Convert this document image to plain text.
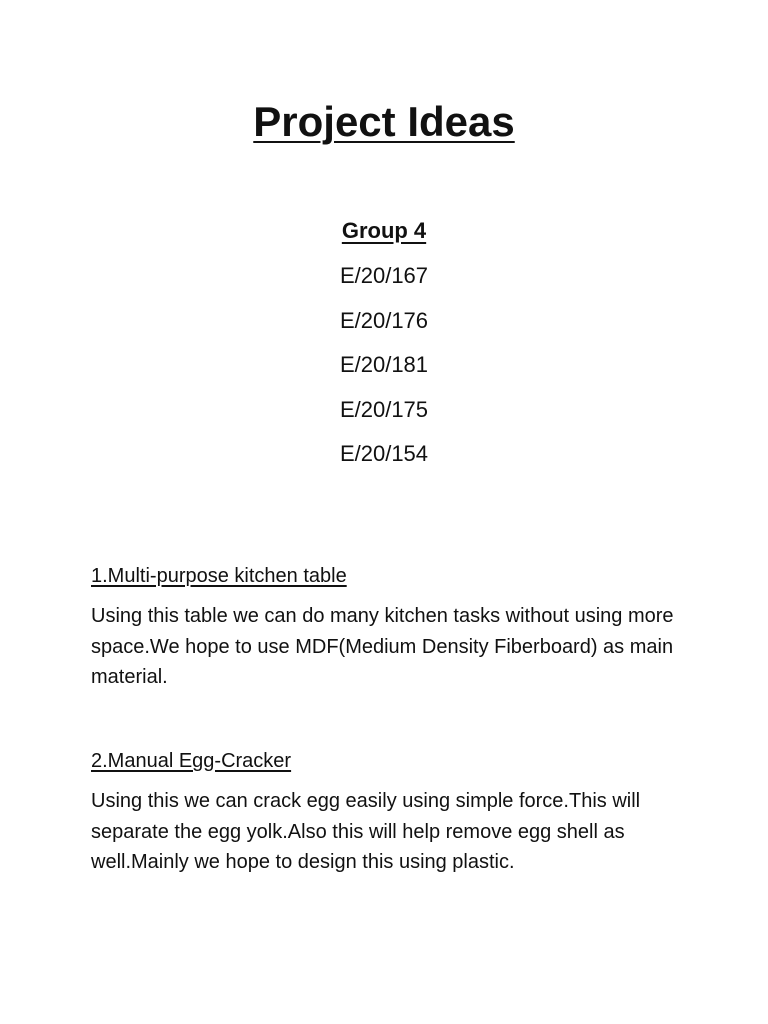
Project Ideas
Group 4
E/20/167
E/20/176
E/20/181
E/20/175
E/20/154
1.Multi-purpose kitchen table

Using this table we can do many kitchen tasks without using more space.We hope to use MDF(Medium Density Fiberboard) as main material.

2.Manual Egg-Cracker

Using this we can crack egg easily using simple force.This will separate the egg yolk.Also this will help remove egg shell as well.Mainly we hope to design this using plastic.
